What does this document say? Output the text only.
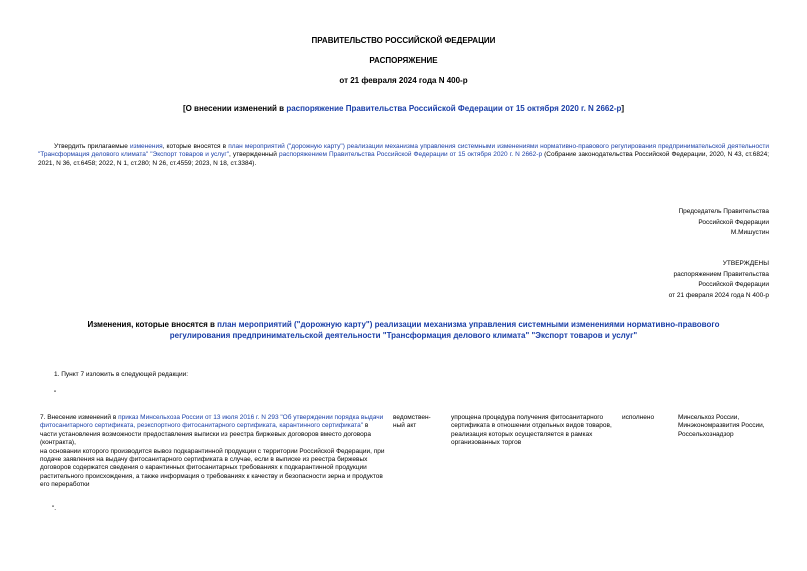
ПРАВИТЕЛЬСТВО РОССИЙСКОЙ ФЕДЕРАЦИИ
РАСПОРЯЖЕНИЕ
от 21 февраля 2024 года N 400-р
[О внесении изменений в распоряжение Правительства Российской Федерации от 15 октября 2020 г. N 2662-р]
Утвердить прилагаемые изменения, которые вносятся в план мероприятий ("дорожную карту") реализации механизма управления системными изменениями нормативно-правового регулирования предпринимательской деятельности "Трансформация делового климата" "Экспорт товаров и услуг", утвержденный распоряжением Правительства Российской Федерации от 15 октября 2020 г. N 2662-р (Собрание законодательства Российской Федерации, 2020, N 43, ст.6824; 2021, N 36, ст.6458; 2022, N 1, ст.280; N 26, ст.4559; 2023, N 18, ст.3384).
Председатель Правительства
Российской Федерации
М.Мишустин
УТВЕРЖДЕНЫ
распоряжением Правительства
Российской Федерации
от 21 февраля 2024 года N 400-р
Изменения, которые вносятся в план мероприятий ("дорожную карту") реализации механизма управления системными изменениями нормативно-правового регулирования предпринимательской деятельности "Трансформация делового климата" "Экспорт товаров и услуг"
1. Пункт 7 изложить в следующей редакции:
"
7. Внесение изменений в приказ Минсельхоза России от 13 июля 2016 г. N 293 "Об утверждении порядка выдачи фитосанитарного сертификата, реэкспортного фитосанитарного сертификата, карантинного сертификата" в части установления возможности предоставления выписки из реестра биржевых договоров вместо договора (контракта),
на основании которого производится вывоз подкарантинной продукции с территории Российской Федерации, при подаче заявления на выдачу фитосанитарного сертификата в случае, если в выписке из реестра биржевых договоров содержатся сведения о карантинных фитосанитарных требованиях к подкарантинной продукции растительного происхождения, а также информация о требованиях к качеству и безопасности зерна и продуктов его переработки
ведомствен-ный акт
упрощена процедура получения фитосанитарного сертификата в отношении отдельных видов товаров, реализация которых осуществляется в рамках организованных торгов
исполнено	Минсельхоз России, Минэкономразвития России, Россельхознадзор
".
